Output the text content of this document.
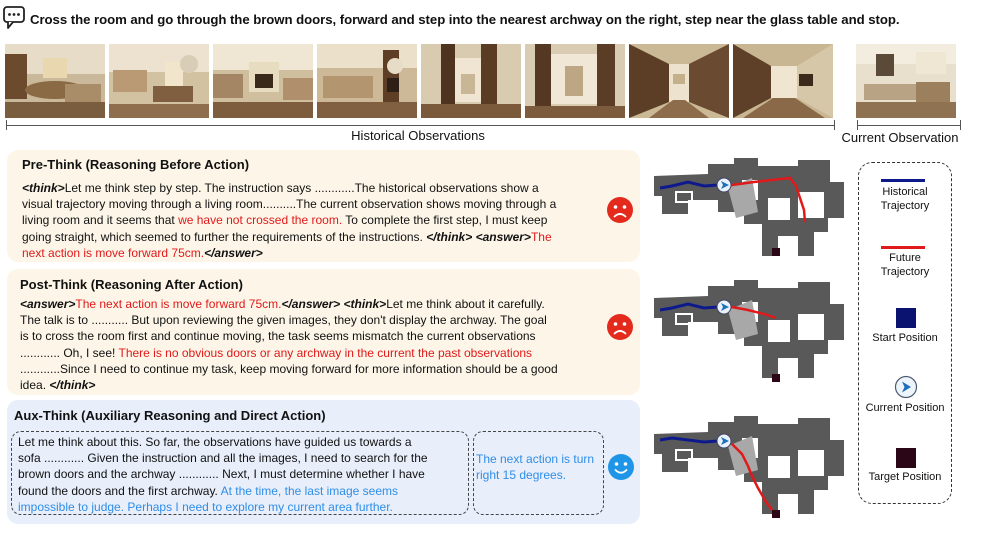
Cross the room and go through the brown doors, forward and step into the nearest archway on the right, step near the glass table and stop.
Historical Observations	Current Observation
Pre-Think (Reasoning Before Action)
<think>Let me think step by step. The instruction says ............The historical observations show a
visual trajectory moving through a living room..........The current observation shows moving through a
living room and it seems that we have not crossed the room. To complete the first step, I must keep
going straight, which seemed to further the requirements of the instructions. </think> <answer>The
next action is move forward 75cm.</answer>
Post-Think (Reasoning After Action)
<answer>The next action is move forward 75cm.</answer> <think>Let me think about it carefully.
The talk is to ........... But upon reviewing the given images, they don't display the archway. The goal
is to cross the room first and continue moving, the task seems mismatch the current observations
............ Oh, I see! There is no obvious doors or any archway in the current the past observations
............Since I need to continue my task, keep moving forward for more information should be a good
idea. </think>
Aux-Think (Auxiliary Reasoning and Direct Action)
Let me think about this. So far, the observations have guided us towards a
sofa ............ Given the instruction and all the images, I need to search for the
brown doors and the archway ............ Next, I must determine whether I have
found the doors and the first archway. At the time, the last image seems
impossible to judge. Perhaps I need to explore my current area further.
The next action is turn
right 15 degrees.
Historical
Trajectory
Future
Trajectory
Start Position
Current Position
Target Position
